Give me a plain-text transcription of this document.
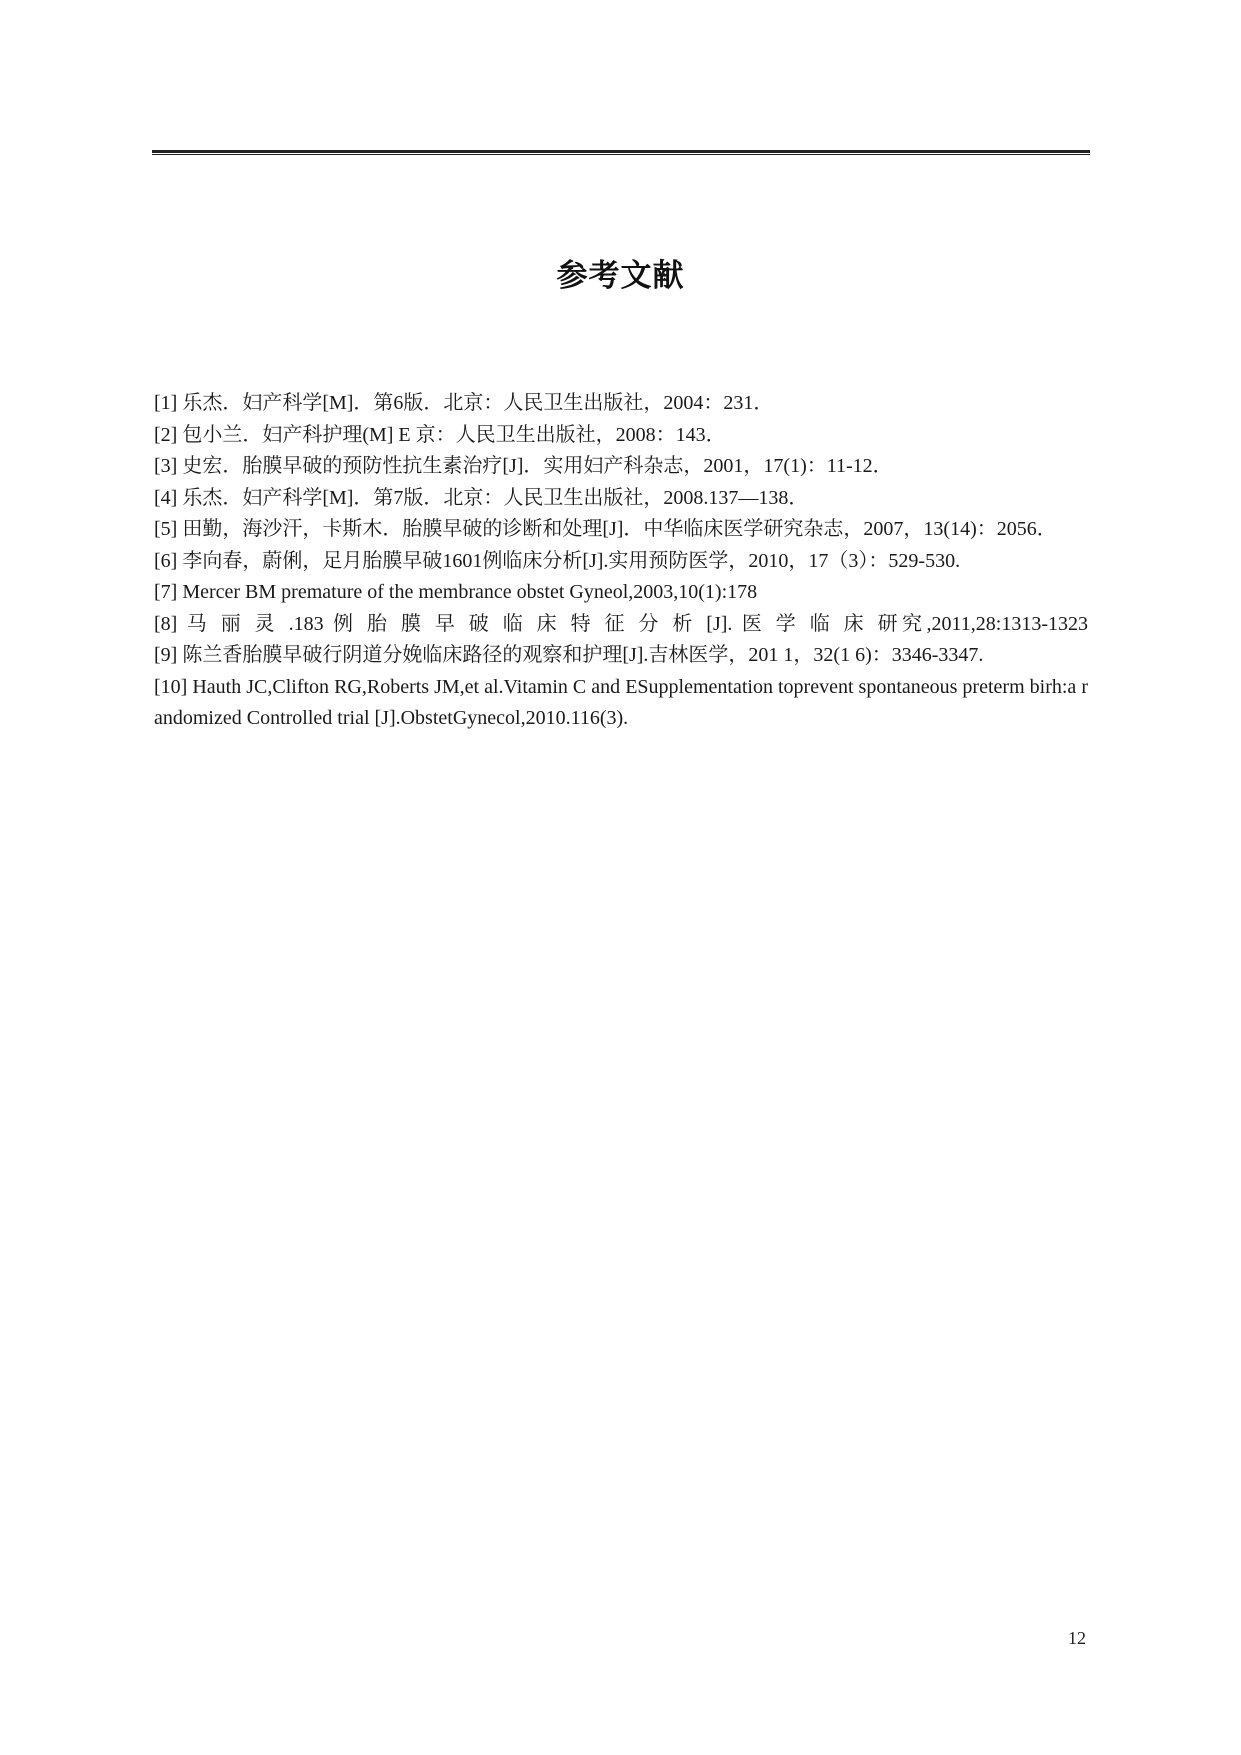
参考文献

[1] 乐杰．妇产科学[M]．第6版．北京：人民卫生出版社，2004：231．

[2] 包小兰．妇产科护理(M] E 京：人民卫生出版社，2008：143．

[3] 史宏．胎膜早破的预防性抗生素治疗[J]．实用妇产科杂志，2001，17(1)：11-12．

[4] 乐杰．妇产科学[M]．第7版．北京：人民卫生出版社，2008.137—138．

[5] 田勤，海沙汗，卡斯木．胎膜早破的诊断和处理[J]．中华临床医学研究杂志，2007，13(14)：2056．

[6] 李向春，蔚俐，足月胎膜早破1601例临床分析[J].实用预防医学，2010，17（3）：529-530.

[7] Mercer BM premature of the membrance obstet Gyneol,2003,10(1):178

[8] 马 丽 灵 .183 例 胎 膜 早 破 临 床 特 征 分 析 [J]. 医 学 临 床 研究,2011,28:1313-1323

[9] 陈兰香胎膜早破行阴道分娩临床路径的观察和护理[J].吉林医学，201 1，32(1 6)：3346-3347.

[10] Hauth JC,Clifton RG,Roberts JM,et al.Vitamin C and ESupplementation toprevent spontaneous preterm birh:a randomized Controlled trial [J].ObstetGynecol,2010.116(3).

12
